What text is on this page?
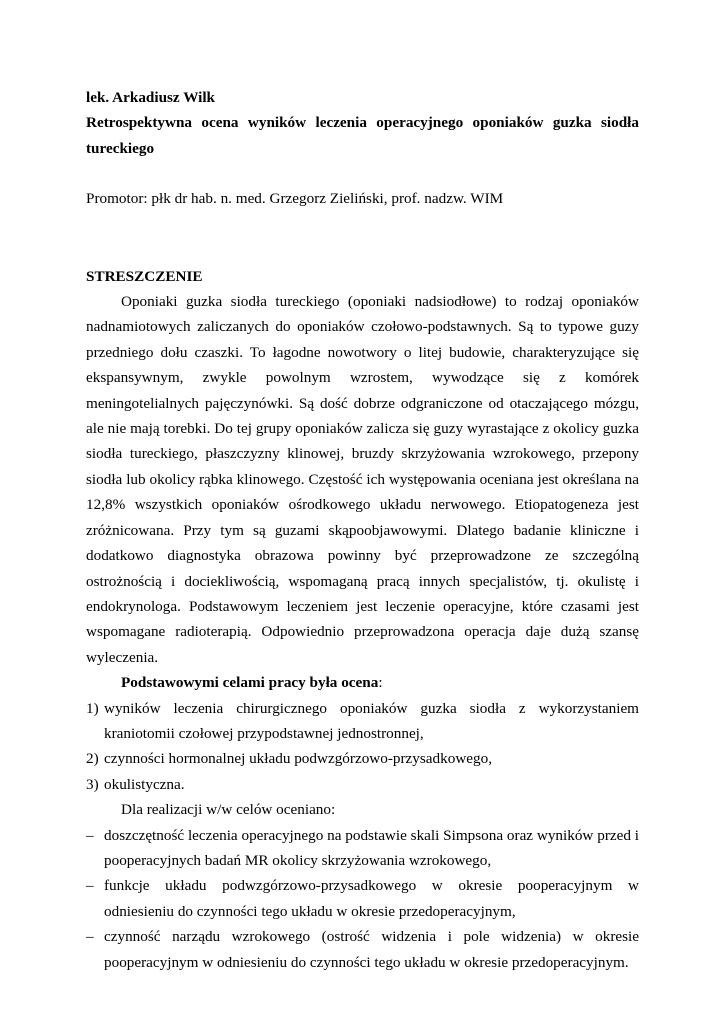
lek. Arkadiusz Wilk
Retrospektywna ocena wyników leczenia operacyjnego oponiaków guzka siodła tureckiego
Promotor: płk dr hab. n. med. Grzegorz Zieliński, prof. nadzw. WIM
STRESZCZENIE

Oponiaki guzka siodła tureckiego (oponiaki nadsiodłowe) to rodzaj oponiaków nadnamiotowych zaliczanych do oponiaków czołowo-podstawnych. Są to typowe guzy przedniego dołu czaszki. To łagodne nowotwory o litej budowie, charakteryzujące się ekspansywnym, zwykle powolnym wzrostem, wywodzące się z komórek meningotelialnych pajęczynówki. Są dość dobrze odgraniczone od otaczającego mózgu, ale nie mają torebki. Do tej grupy oponiaków zalicza się guzy wyrastające z okolicy guzka siodła tureckiego, płaszczyzny klinowej, bruzdy skrzyżowania wzrokowego, przepony siodła lub okolicy rąbka klinowego. Częstość ich występowania oceniana jest określana na 12,8% wszystkich oponiaków ośrodkowego układu nerwowego. Etiopatogeneza jest zróżnicowana. Przy tym są guzami skąpoobjawowymi. Dlatego badanie kliniczne i dodatkowo diagnostyka obrazowa powinny być przeprowadzone ze szczególną ostrożnością i dociekliwością, wspomaganą pracą innych specjalistów, tj. okulistę i endokrynologa. Podstawowym leczeniem jest leczenie operacyjne, które czasami jest wspomagane radioterapią. Odpowiednio przeprowadzona operacja daje dużą szansę wyleczenia.

Podstawowymi celami pracy była ocena:
1) wyników leczenia chirurgicznego oponiaków guzka siodła z wykorzystaniem kraniotomii czołowej przypodstawnej jednostronnej,
2) czynności hormonalnej układu podwzgórzowo-przysadkowego,
3) okulistyczna.
Dla realizacji w/w celów oceniano:
– doszczętność leczenia operacyjnego na podstawie skali Simpsona oraz wyników przed i pooperacyjnych badań MR okolicy skrzyżowania wzrokowego,
– funkcje układu podwzgórzowo-przysadkowego w okresie pooperacyjnym w odniesieniu do czynności tego układu w okresie przedoperacyjnym,
– czynność narządu wzrokowego (ostrość widzenia i pole widzenia) w okresie pooperacyjnym w odniesieniu do czynności tego układu w okresie przedoperacyjnym.
